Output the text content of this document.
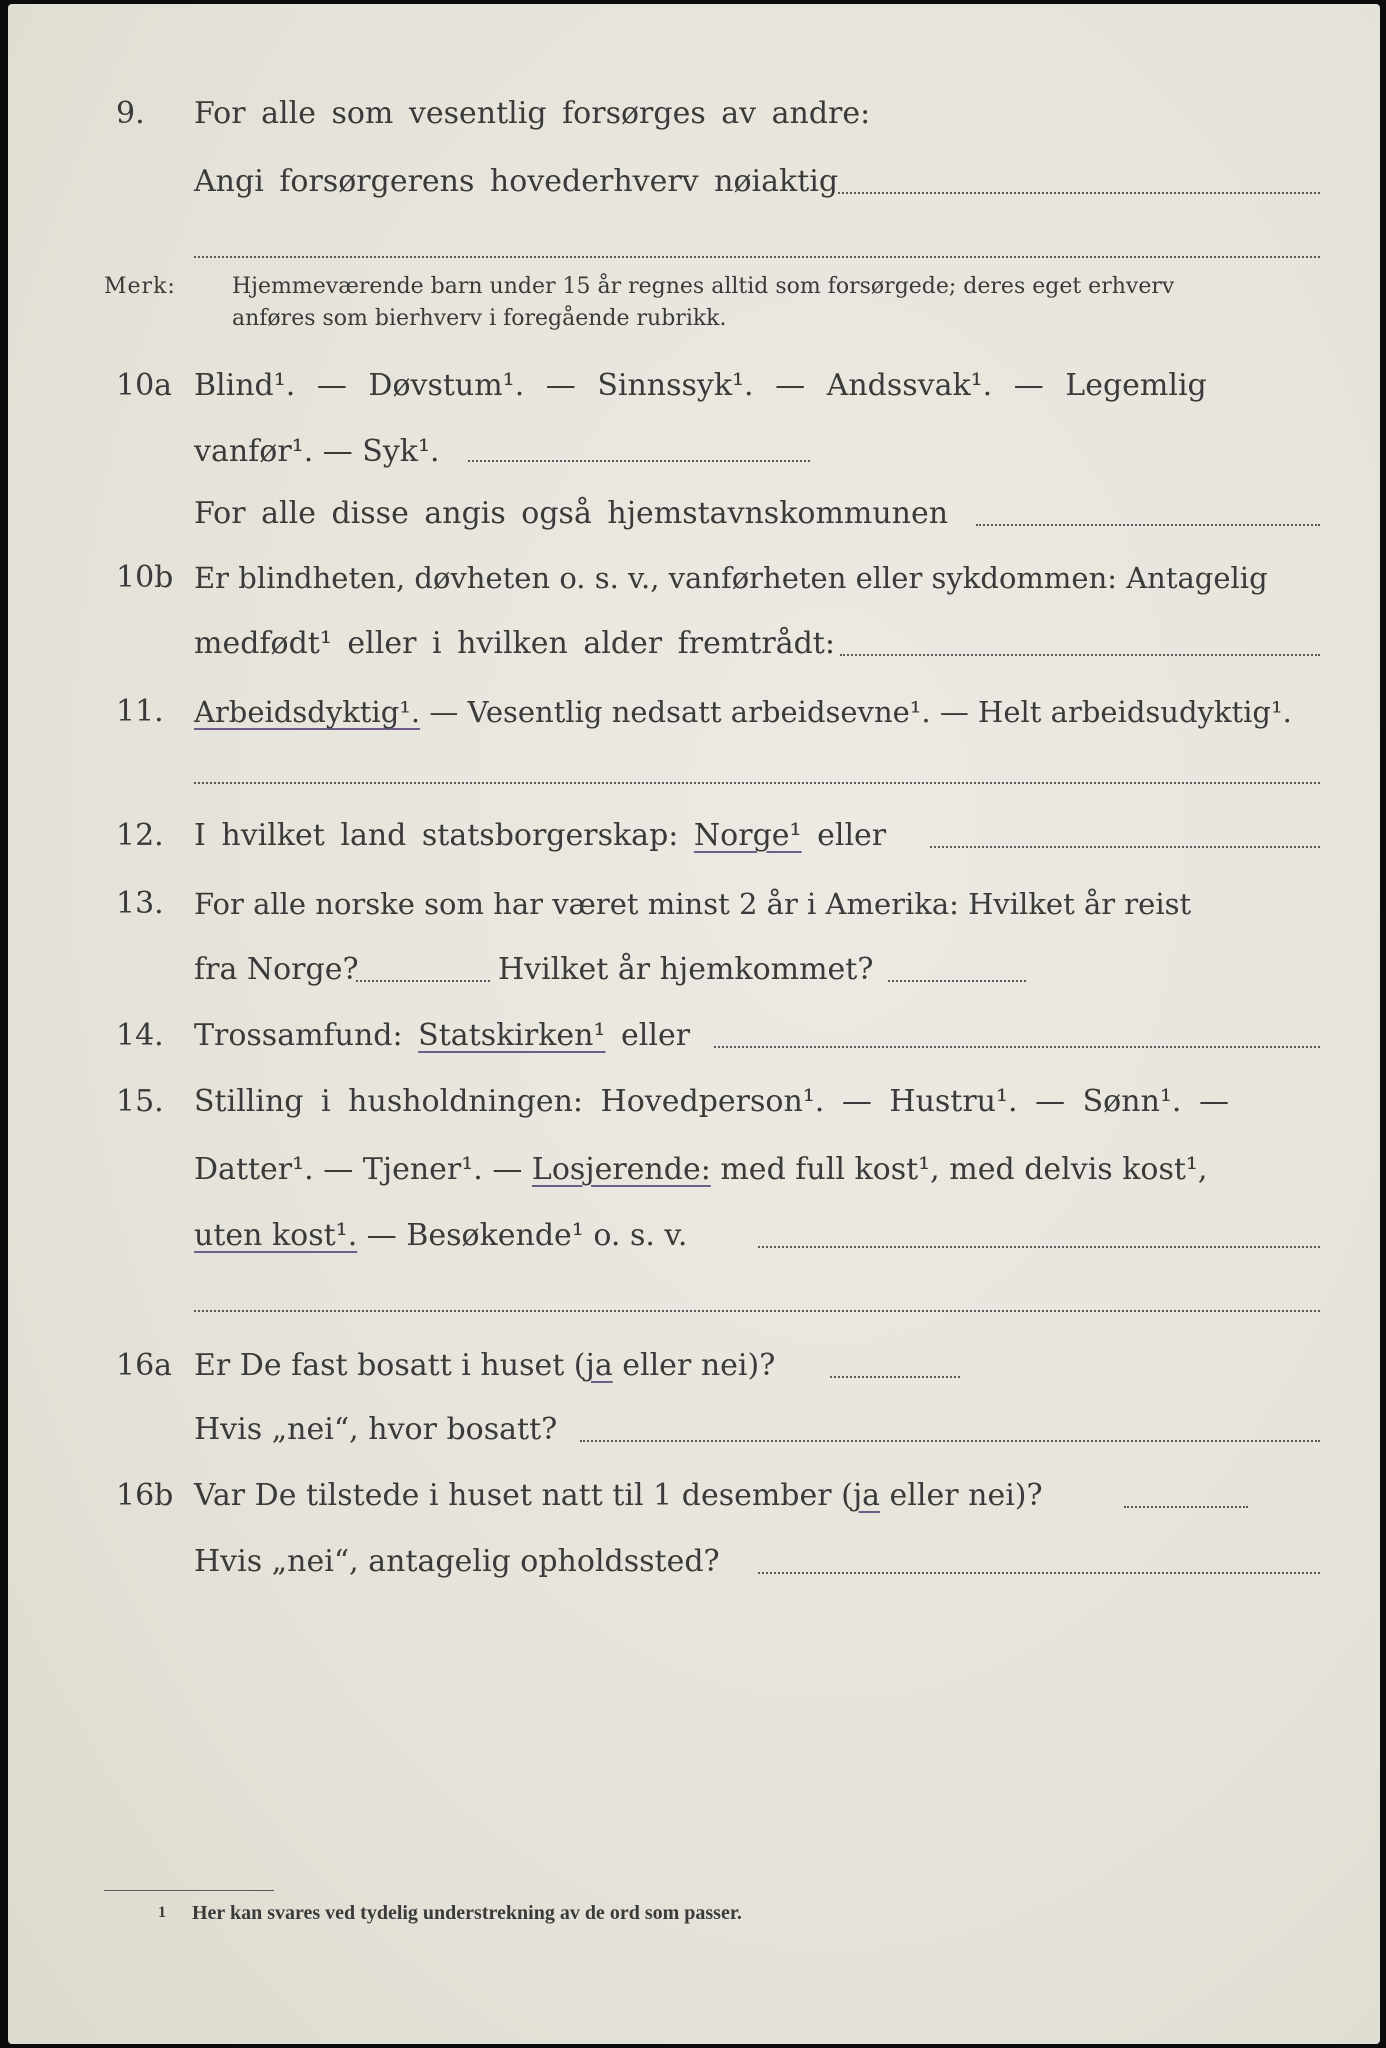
9. For alle som vesentlig forsørges av andre:
Angi forsørgerens hovederhverv nøiaktig
Merk:	Hjemmeværende barn under 15 år regnes alltid som forsørgede; deres eget erhverv
anføres som bierhverv i foregående rubrikk.
10a Blind¹. — Døvstum¹. — Sinnssyk¹. — Andssvak¹. — Legemlig
vanfør¹. — Syk¹.
For alle disse angis også hjemstavnskommunen
10b Er blindheten, døvheten o. s. v., vanførheten eller sykdommen: Antagelig
medfødt¹ eller i hvilken alder fremtrådt:
11. Arbeidsdyktig¹. — Vesentlig nedsatt arbeidsevne¹. — Helt arbeidsudyktig¹.
12. I hvilket land statsborgerskap: Norge¹ eller
13. For alle norske som har været minst 2 år i Amerika: Hvilket år reist
fra Norge?	Hvilket år hjemkommet?
14. Trossamfund: Statskirken¹ eller
15. Stilling i husholdningen: Hovedperson¹. — Hustru¹. — Sønn¹. —
Datter¹. — Tjener¹. — Losjerende: med full kost¹, med delvis kost¹,
uten kost¹. — Besøkende¹ o. s. v.
16a Er De fast bosatt i huset (ja eller nei)?
Hvis „nei“, hvor bosatt?
16b Var De tilstede i huset natt til 1 desember (ja eller nei)?
Hvis „nei“, antagelig opholdssted?
1 Her kan svares ved tydelig understrekning av de ord som passer.
